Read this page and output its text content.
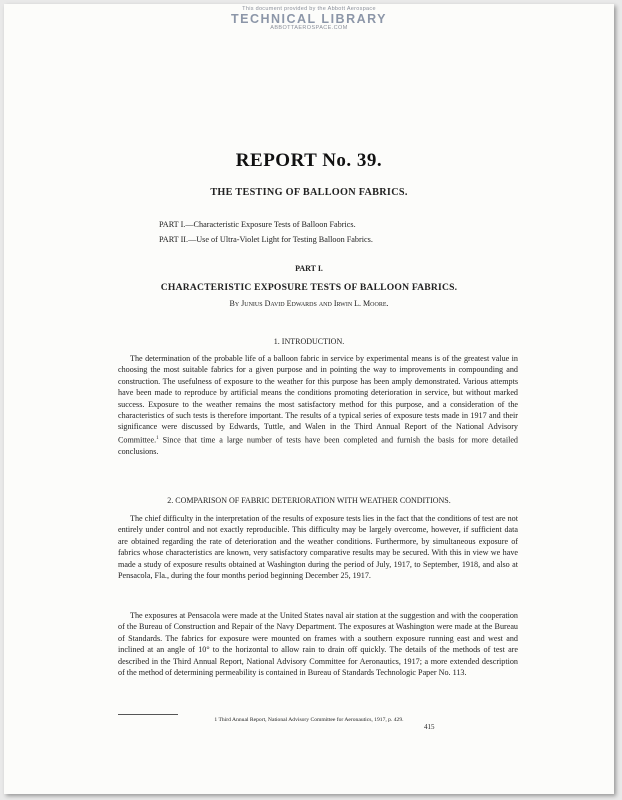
This document provided by the Abbott Aerospace
TECHNICAL LIBRARY
ABBOTTAEROSPACE.COM
REPORT No. 39.
THE TESTING OF BALLOON FABRICS.
PART I.—Characteristic Exposure Tests of Balloon Fabrics.
PART II.—Use of Ultra-Violet Light for Testing Balloon Fabrics.
PART I.
CHARACTERISTIC EXPOSURE TESTS OF BALLOON FABRICS.
By Junius David Edwards and Irwin L. Moore.
1. INTRODUCTION.

The determination of the probable life of a balloon fabric in service by experimental means is of the greatest value in choosing the most suitable fabrics for a given purpose and in pointing the way to improvements in compounding and construction. The usefulness of exposure to the weather for this purpose has been amply demonstrated. Various attempts have been made to reproduce by artificial means the conditions promoting deterioration in service, but without marked success. Exposure to the weather remains the most satisfactory method for this purpose, and a consideration of the characteristics of such tests is therefore important. The results of a typical series of exposure tests made in 1917 and their significance were discussed by Edwards, Tuttle, and Walen in the Third Annual Report of the National Advisory Committee.$^1$ Since that time a large number of tests have been completed and furnish the basis for more detailed conclusions.

2. COMPARISON OF FABRIC DETERIORATION WITH WEATHER CONDITIONS.

The chief difficulty in the interpretation of the results of exposure tests lies in the fact that the conditions of test are not entirely under control and not exactly reproducible. This difficulty may be largely overcome, however, if sufficient data are obtained regarding the rate of deterioration and the weather conditions. Furthermore, by simultaneous exposure of fabrics whose characteristics are known, very satisfactory comparative results may be secured. With this in view we have made a study of exposure results obtained at Washington during the period of July, 1917, to September, 1918, and also at Pensacola, Fla., during the four months period beginning December 25, 1917.

The exposures at Pensacola were made at the United States naval air station at the suggestion and with the cooperation of the Bureau of Construction and Repair of the Navy Department. The exposures at Washington were made at the Bureau of Standards. The fabrics for exposure were mounted on frames with a southern exposure running east and west and inclined at an angle of 10° to the horizontal to allow rain to drain off quickly. The details of the methods of test are described in the Third Annual Report, National Advisory Committee for Aeronautics, 1917; a more extended description of the method of determining permeability is contained in Bureau of Standards Technologic Paper No. 113.

1 Third Annual Report, National Advisory Committee for Aeronautics, 1917, p. 429.
415
